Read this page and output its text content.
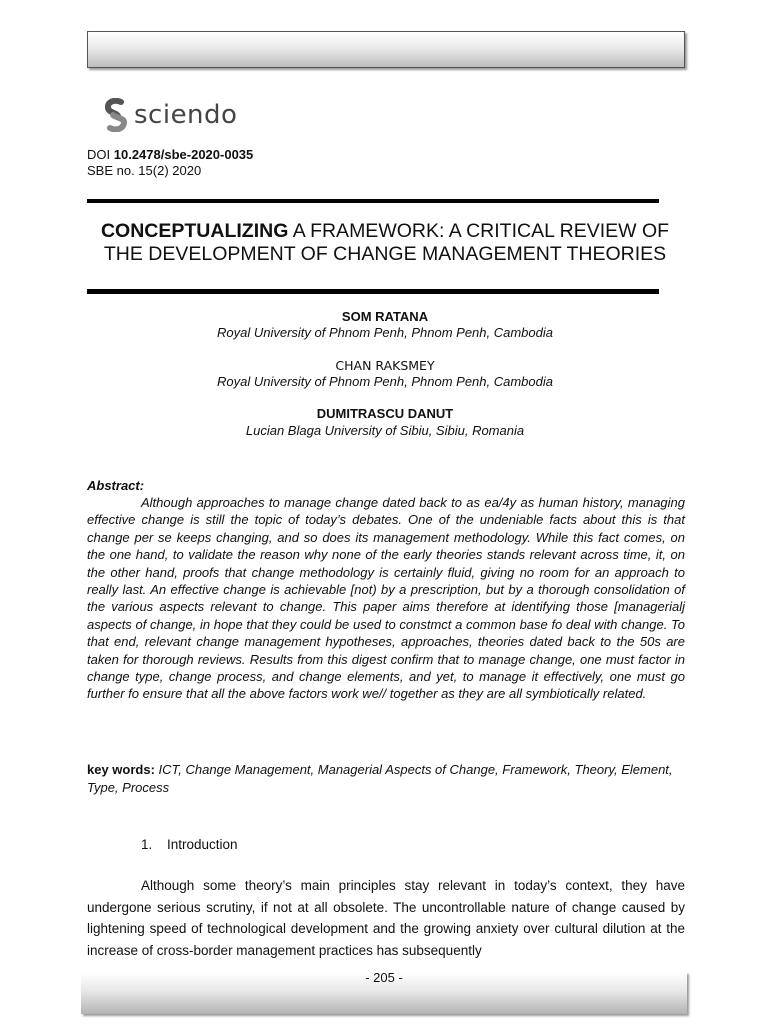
sciendo
DOI 10.2478/sbe-2020-0035
SBE no. 15(2) 2020
CONCEPTUALIZING A FRAMEWORK: A CRITICAL REVIEW OF THE DEVELOPMENT OF CHANGE MANAGEMENT THEORIES
SOM RATANA
Royal University of Phnom Penh, Phnom Penh, Cambodia
CHAN RAKSMEY
Royal University of Phnom Penh, Phnom Penh, Cambodia
DUMITRASCU DANUT
Lucian Blaga University of Sibiu, Sibiu, Romania
Abstract:

Although approaches to manage change dated back to as ea/4y as human history, managing effective change is still the topic of today’s debates. One of the undeniable facts about this is that change per se keeps changing, and so does its management methodology. While this fact comes, on the one hand, to validate the reason why none of the early theories stands relevant across time, it, on the other hand, proofs that change methodology is certainly fluid, giving no room for an approach to really last. An effective change is achievable [not) by a prescription, but by a thorough consolidation of the various aspects relevant to change. This paper aims therefore at identifying those [managerialj aspects of change, in hope that they could be used to constmct a common base fo deal with change. To that end, relevant change management hypotheses, approaches, theories dated back to the 50s are taken for thorough reviews. Results from this digest confirm that to manage change, one must factor in change type, change process, and change elements, and yet, to manage it effectively, one must go further fo ensure that all the above factors work we// together as they are all symbiotically related.

key words: ICT, Change Management, Managerial Aspects of Change, Framework, Theory, Element, Type, Process
1. Introduction

Although some theory’s main principles stay relevant in today’s context, they have undergone serious scrutiny, if not at all obsolete. The uncontrollable nature of change caused by lightening speed of technological development and the growing anxiety over cultural dilution at the increase of cross-border management practices has subsequently

- 205 -
